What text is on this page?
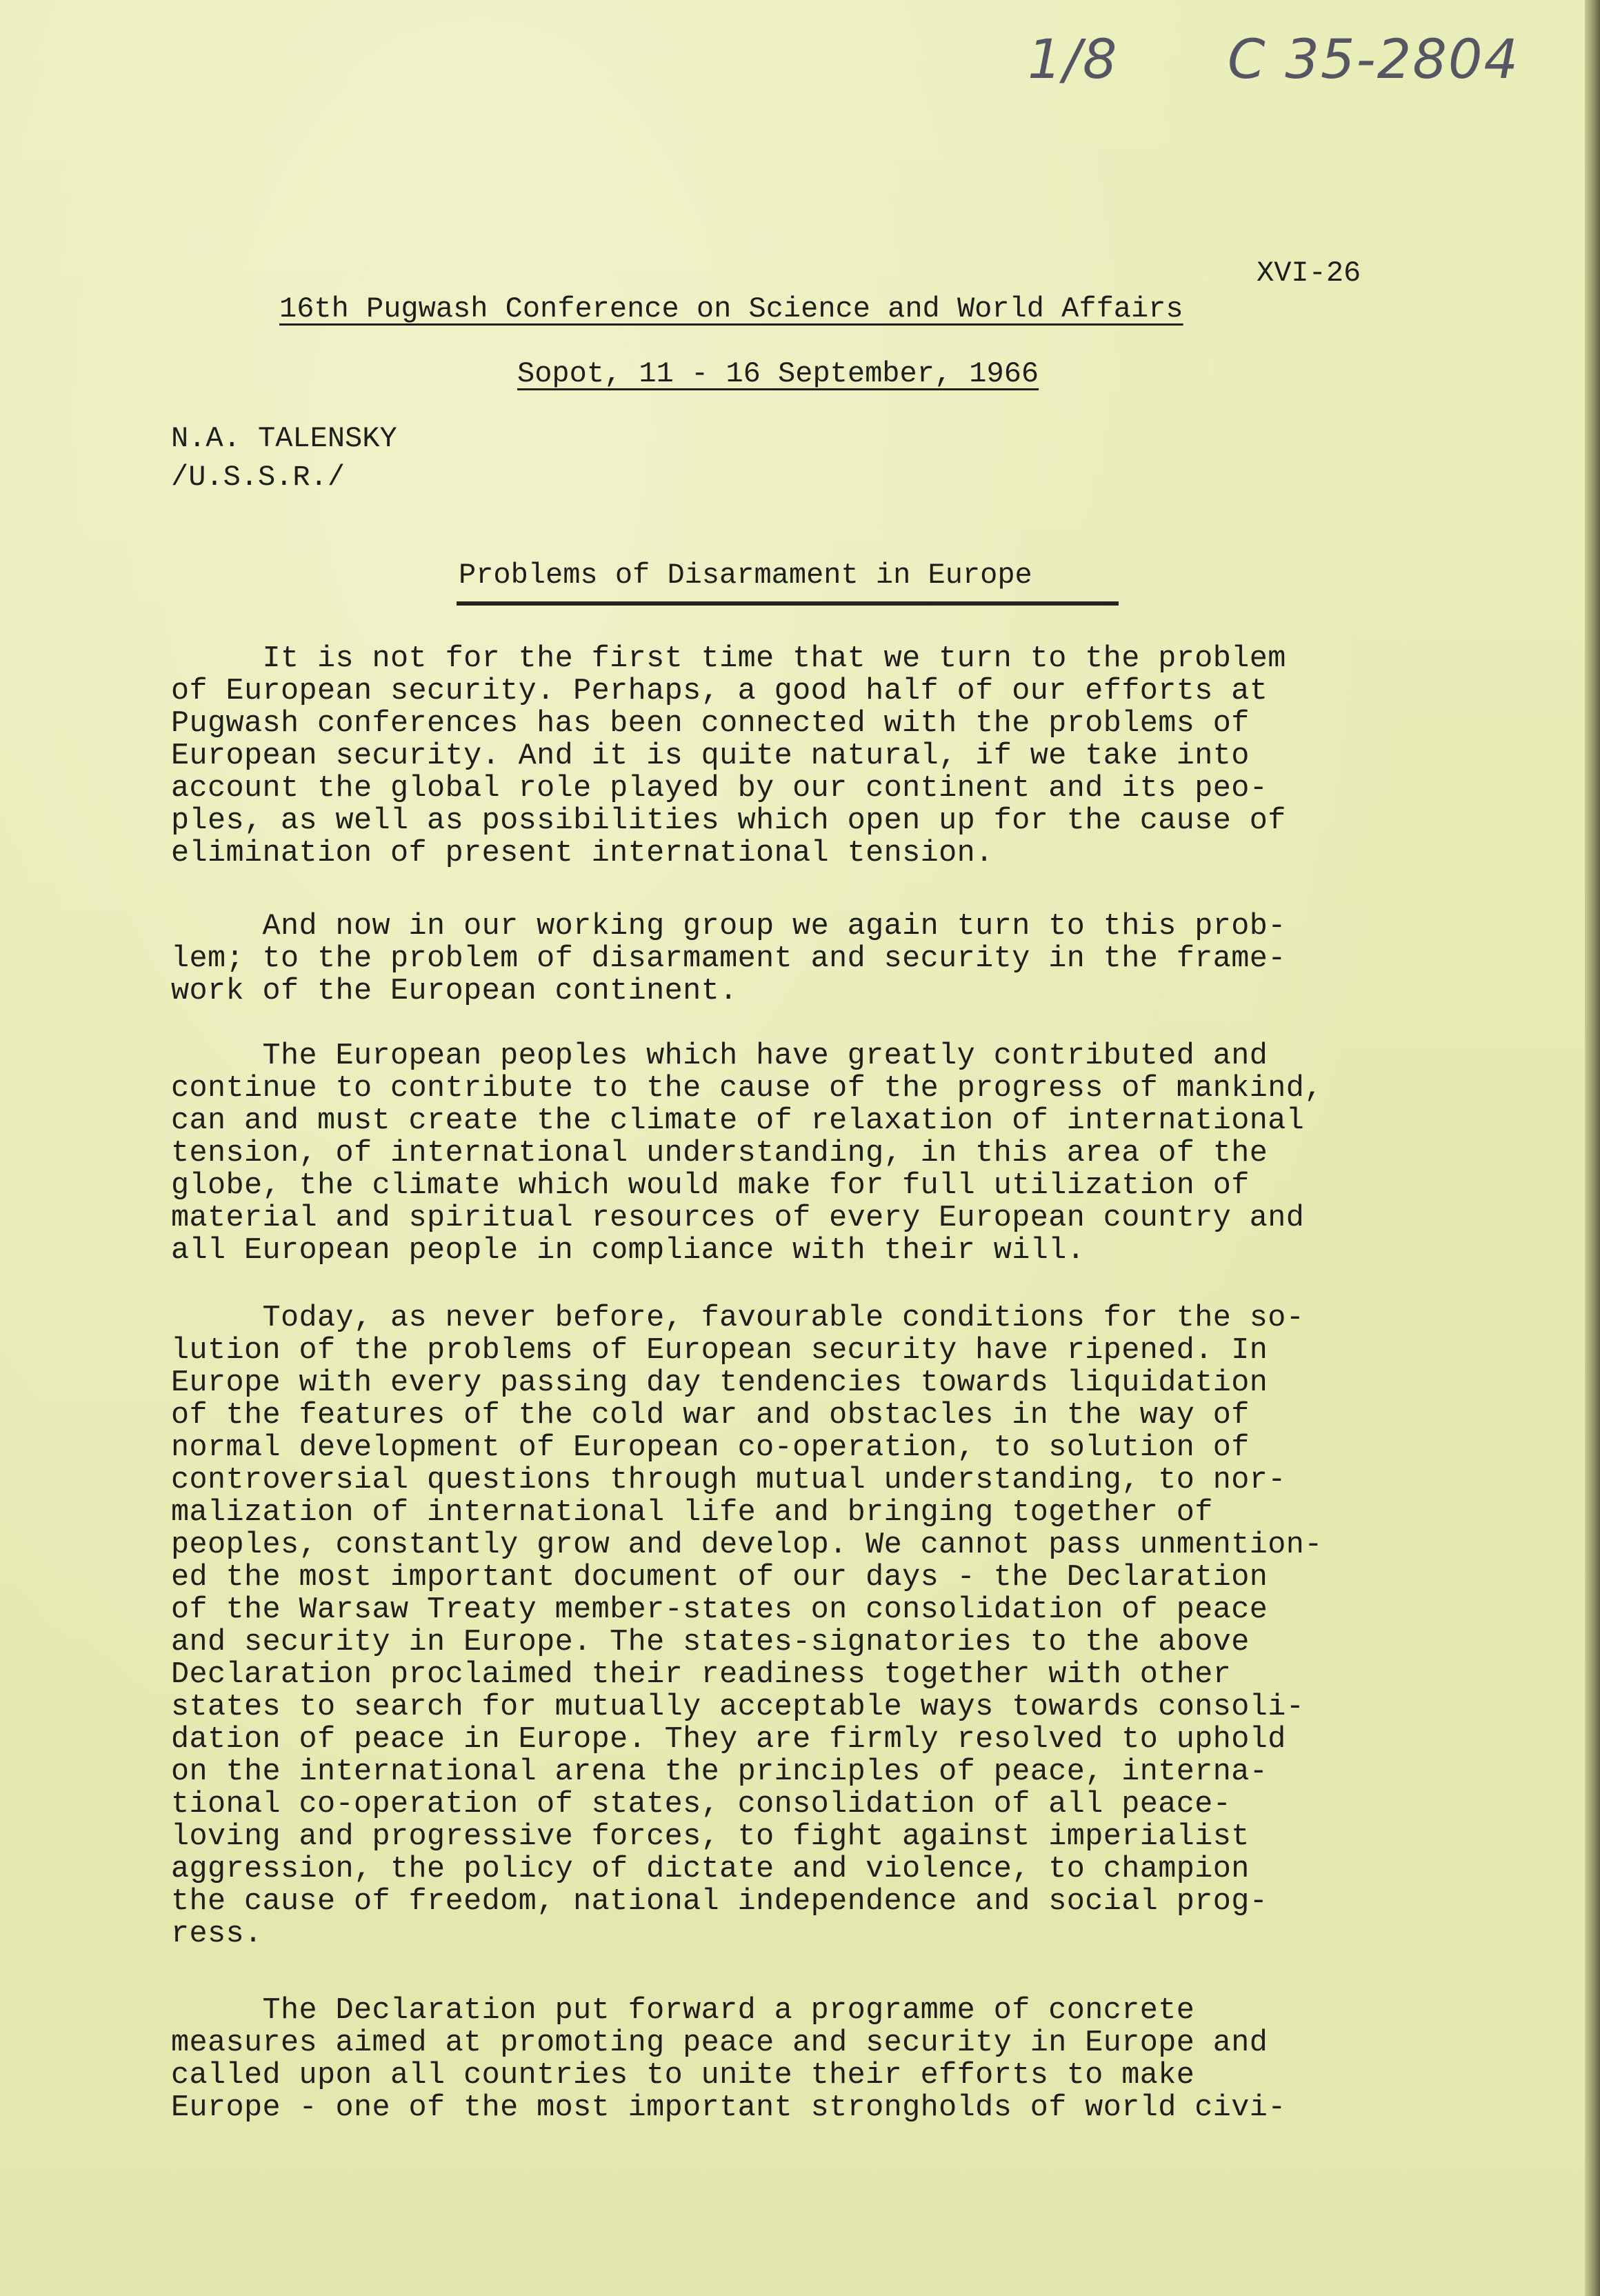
1/8 C 35-2804
XVI-26
16th Pugwash Conference on Science and World Affairs
Sopot, 11 - 16 September, 1966
N.A. TALENSKY
/U.S.S.R./
Problems of Disarmament in Europe
It is not for the first time that we turn to the problem
of European security. Perhaps, a good half of our efforts at
Pugwash conferences has been connected with the problems of
European security. And it is quite natural, if we take into
account the global role played by our continent and its peo-
ples, as well as possibilities which open up for the cause of
elimination of present international tension.
And now in our working group we again turn to this prob-
lem; to the problem of disarmament and security in the frame-
work of the European continent.
The European peoples which have greatly contributed and
continue to contribute to the cause of the progress of mankind,
can and must create the climate of relaxation of international
tension, of international understanding, in this area of the
globe, the climate which would make for full utilization of
material and spiritual resources of every European country and
all European people in compliance with their will.
Today, as never before, favourable conditions for the so-
lution of the problems of European security have ripened. In
Europe with every passing day tendencies towards liquidation
of the features of the cold war and obstacles in the way of
normal development of European co-operation, to solution of
controversial questions through mutual understanding, to nor-
malization of international life and bringing together of
peoples, constantly grow and develop. We cannot pass unmention-
ed the most important document of our days - the Declaration
of the Warsaw Treaty member-states on consolidation of peace
and security in Europe. The states-signatories to the above
Declaration proclaimed their readiness together with other
states to search for mutually acceptable ways towards consoli-
dation of peace in Europe. They are firmly resolved to uphold
on the international arena the principles of peace, interna-
tional co-operation of states, consolidation of all peace-
loving and progressive forces, to fight against imperialist
aggression, the policy of dictate and violence, to champion
the cause of freedom, national independence and social prog-
ress.
The Declaration put forward a programme of concrete
measures aimed at promoting peace and security in Europe and
called upon all countries to unite their efforts to make
Europe - one of the most important strongholds of world civi-
